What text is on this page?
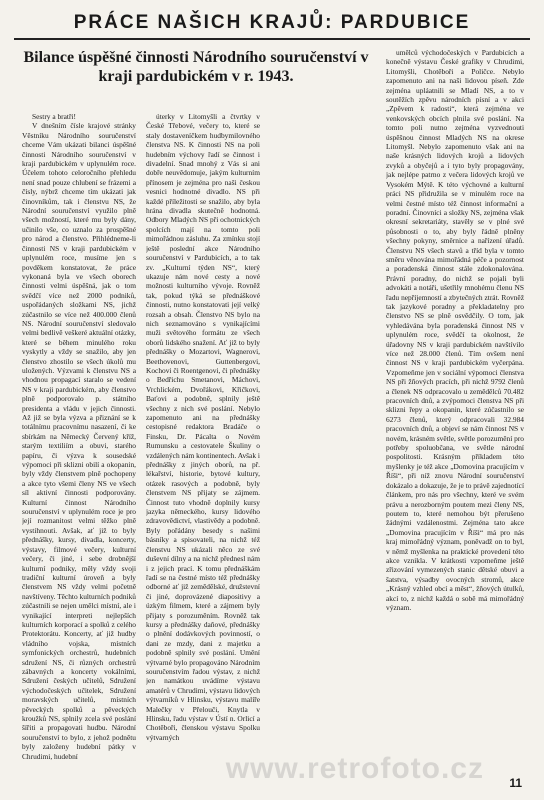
PRÁCE NAŠICH KRAJŮ: PARDUBICE
Bilance úspěšné činnosti Národního souručenství v kraji pardubickém v r. 1943.

Sestry a bratři!

V dnešním čísle krajové stránky Věstníku Národního souručenství chceme Vám ukázati bilanci úspěšné činnosti Národního souručenství v kraji pardubickém v uplynulém roce. Účelem tohoto celoročního přehledu není snad pouze chlubení se frázemi a čísly, nýbrž chceme tím ukázati jak činovníkům, tak i členstvu NS, že Národní souručenství využilo plně všech možností, které mu byly dány, učinilo vše, co uznalo za prospěšné pro národ a členstvo. Přihlédneme-li činnosti NS v kraji pardubickém v uplynulém roce, musíme jen s povděkem konstatovat, že práce vykonaná byla ve všech oborech činnosti velmi úspěšná, jak o tom svědčí více než 2000 podniků, uspořádaných složkami NS, jichž zúčastnilo se více než 400.000 členů NS. Národní souručenství sledovalo velmi bedlivě veškeré aktuální otázky, které se během minulého roku vyskytly a vždy se snažilo, aby jen členstvo zhostilo se všech úkolů mu uložených. Výzvami k členstvu NS a vhodnou propagací staralo se vedení NS v kraji pardubickém, aby členstvo plně podporovalo p. státního presidenta a vládu v jejich činnosti. Až již se byla výzva a přiznání se k totálnímu pracovnímu nasazení, či ke sbírkám na Německý Červený kříž, starým textiliím a obuvi, starého papíru, či výzva k sousedské výpomoci při sklizni obilí a okopanin, byly vždy členstvem plně pochopeny a akce tyto všemi členy NS ve všech síl aktivní činnosti podporovány. Kulturní činnost Národního souručenství v uplynulém roce je pro její rozmanitost velmi těžko plně vystihnouti. Avšak, ať již to byly přednášky, kursy, divadla, koncerty, výstavy, filmové večery, kulturní večery, či jiné, i sebe drobnější kulturní podniky, měly vždy svoji tradiční kulturní úroveň a byly členstvem NS vždy velmi početně navštíveny. Těchto kulturních podniků zúčastnili se nejen umělci místní, ale i vynikající interpreti nejlepších kulturních korporací a spolků z celého Protektorátu. Koncerty, ať již hudby vládního vojska, místních symfonických orchestrů, hudebních sdružení NS, či různých orchestrů zábavných a koncerty vokálními, Sdružení českých učitelů, Sdružení východočeských učitelek, Sdružení moravských učitelů, místních pěveckých spolků a pěveckých kroužků NS, splnily zcela své poslání šířiti a propagovati hudbu. Národní souručenství to bylo, z jehož podnětu byly založeny hudební pátky v Chrudimi, hudební

úterky v Litomyšli a čtvrtky v České Třebové, večery to, které se staly dostaveníčkem hudbymilovného členstva NS. K činnosti NS na poli hudebním výchovy řadí se činnost i divadelní. Snad mnohý z Vás si ani dobře neuvědomuje, jakým kulturním přínosem je zejména pro naši českou vesnici hodnotné divadlo. NS při každé příležitosti se snažilo, aby byla hrána divadla skutečně hodnotná. Odbory Mladých NS při ochotnických spolcích mají na tomto poli mimořádnou zásluhu. Za zmínku stojí ještě poslední akce Národního souručenství v Pardubicích, a to tak zv. „Kulturní týden NS“, který ukazuje nám nové cesty a nové možnosti kulturního vývoje. Rovněž tak, pokud týká se přednáškové činnosti, nutno konstatovati její velký rozsah a obsah. Členstvo NS bylo na nich seznamováno s vynikajícími muži světového formátu ze všech oborů lidského snažení. Ať již to byly přednášky o Mozartovi, Wagnerovi, Beethovenovi, Guttenbergovi, Kochovi či Roentgenovi, či přednášky o Bedřichu Smetanovi, Máchovi, Vrchlickém, Dvořákovi, Křičkovi, Baťovi a podobně, splnily ještě všechny z nich své poslání. Nebylo zapomenuto ani na přednášky cestopisné redaktora Bradáče o Finsku, Dr. Pácalta o Novém Rumunsku a cestovatele Škuliny o vzdálených nám kontinentech. Avšak i přednášky z jiných oborů, na př. lékařství, historie, bytové kultury, otázek rasových a podobně, byly členstvem NS přijaty se zájmem. Činnost tuto vhodně doplnily kursy jazyka německého, kursy lidového zdravovědictví, vlastivědy a podobně. Byly pořádány besedy s našimi básníky a spisovateli, na nichž též členstvu NS ukázali něco ze své duševní dílny a na nichž přednesl nám i z jejich prací. K tomu přednáškám řadí se na čestné místo též přednášky odborné ať již zemědělské, družstevní či jiné, doprovázené diapositivy a úzkým filmem, které a zájmem byly přijaty s porozuměním. Rovněž tak kursy a přednášky daňové, přednášky o plnění dodávkových povinností, o dani ze mzdy, dani z majetku a podobně splnily své poslání. Umění výtvarné bylo propagováno Národním souručenstvím řadou výstav, z nichž jen namátkou uvádíme výstavu amatérů v Chrudimi, výstavu lidových výtvarníků v Hlinsku, výstavu malíře Malečky v Přelouči, Knytla v Hlinsku, řadu výstav v Ústí n. Orlicí a Chotěboři, členskou výstavu Spolku výtvarných

umělců východočeských v Pardubicích a konečně výstavu České grafiky v Chrudimi, Litomyšli, Chotěboři a Poličce. Nebylo zapomenuto ani na naši lidovou píseň. Zde zejména upláatnili se Mladí NS, a to v soutěžích zpěvu národních písní a v akci „Zpěvem k radosti“, která zejména ve venkovských obcích plnila své poslání. Na tomto poli nutno zejména vyzvednouti úspěšnou činnost Mladých NS na okrese Litomyšl. Nebylo zapomenuto však ani na naše krásných lidových krojů a lidových zvyků a obyčejů a i tyto byly propagovány, jak nejlépe patrno z večera lidových krojů ve Vysokém Mýtě. K této výchovné a kulturní práci NS přidružila se v minulém roce na velmi čestné místo též činnost informační a poradní. Činovníci a složky NS, zejména však okresní sekretariáty, stavěly se v plné své působnosti o to, aby byly řádně plněny všechny pokyny, směrnice a nařízení úřadů. Členstvu NS všech stavů a tříd byla v tomto směru věnována mimořádná péče a pozornost a poradenská činnost stále zdokonalována. Právní poradny, do nichž se pojali byli advokáti a notáři, ušetřily mnohému členu NS řadu nepříjemností a zbytečných ztrát. Rovněž tak jazykové poradny a překladatelny pro členstvo NS se plně osvědčily. O tom, jak vyhledávána byla poradenská činnost NS v uplynulém roce, svědčí ta okolnost, že úřadovny NS v kraji pardubickém navštívilo více než 28.000 členů. Tím ovšem není činnost NS v kraji pardubickém vyčerpána. Vzpomeňme jen v sociální výpomoci členstva NS při žňových pracích, při nichž 9792 členů a členek NS odpracovalo u zemědělců 70.482 pracovních dnů, a zvýpomoci členstva NS při sklizni řepy a okopanin, které zúčastnilo se 6273 členů, který odpracovali 32.984 pracovních dnů, a objeví se nám činnost NS v novém, krásném světle, světle porozumění pro potřeby spoluobčana, ve světle národní pospolitosti. Krásným příkladem této myšlenky je též akce „Domovina pracujícím v Říši“, při níž znovu Národní souručenství dokázalo a dokazuje, že je to právě zajednotící článkem, pro nás pro všechny, které ve svém právu a nerozborným poutem mezi členy NS, poutem to, které nemohou být přerušeno žádnými vzdálenostmi. Zejména tato akce „Domovina pracujícím v Říši“ má pro nás kraj mimořádný význam, poněvadž on to byl, v němž myšlenka na praktické provedení této akce vznikla. V krátkosti vzpomeňme ještě zřizování vymezených stanic dětské obuvi a šatstva, výsadby ovocných stromů, akce „Krásný vzhled obcí a měst“, žňových útulků, akcí to, z nichž každá o sobě má mimořádný význam.

www.retrofoto.cz 11
